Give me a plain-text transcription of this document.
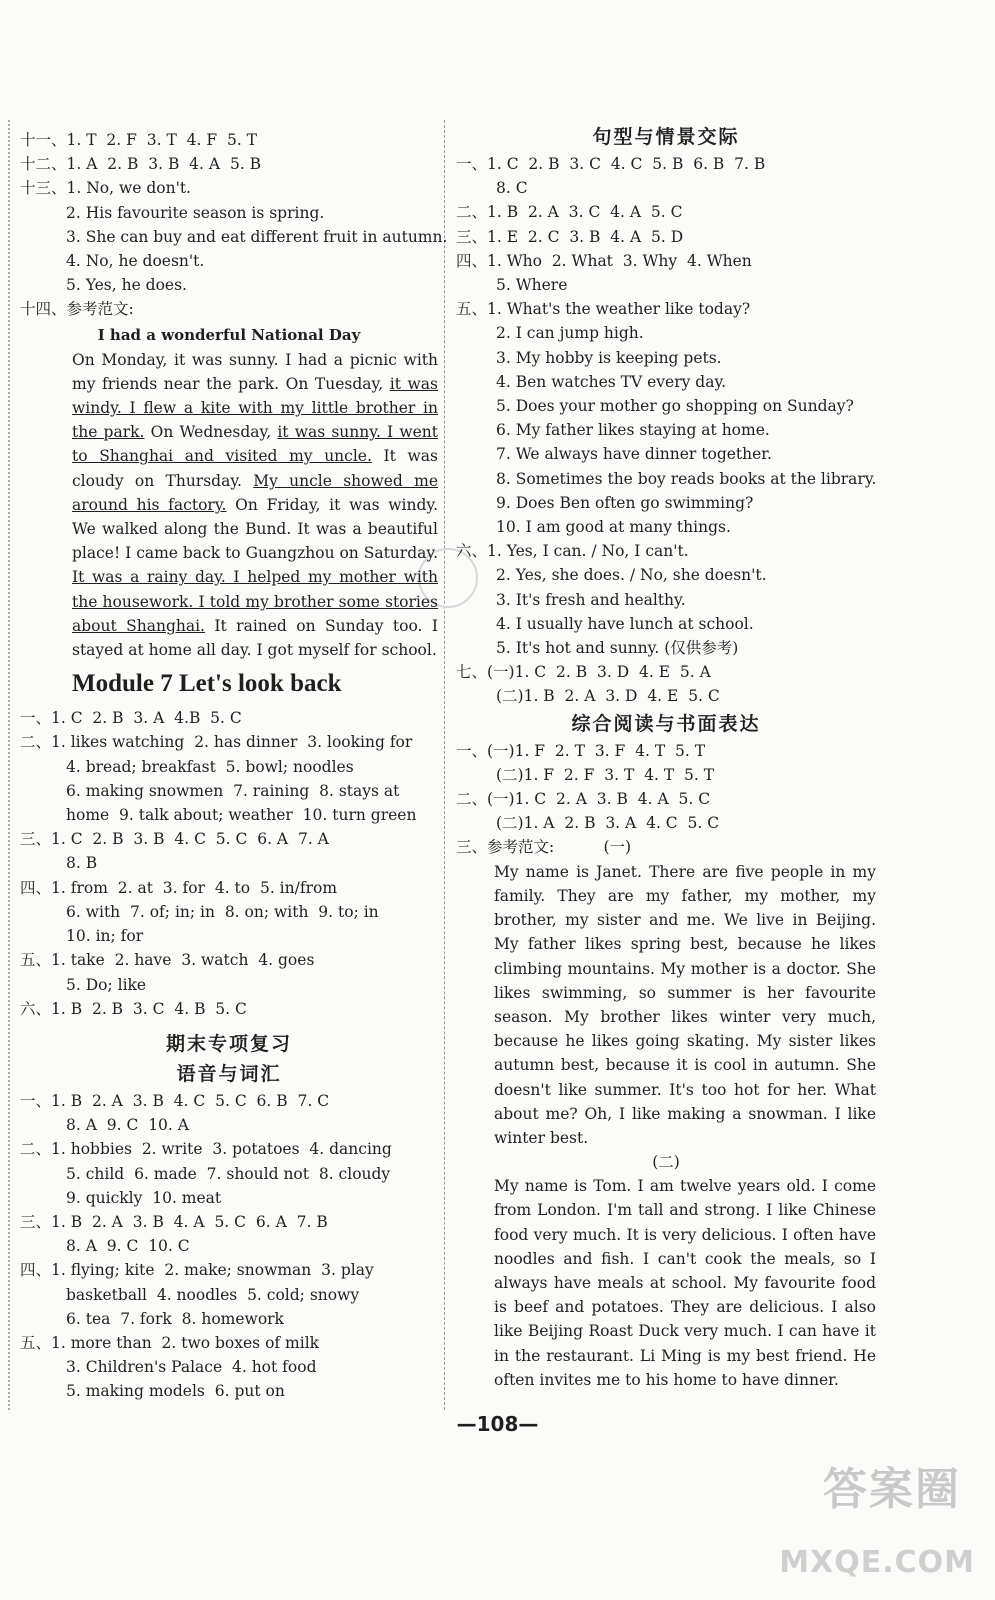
十一、1. T  2. F  3. T  4. F  5. T
十二、1. A  2. B  3. B  4. A  5. B
十三、1. No, we don't.
2. His favourite season is spring.
3. She can buy and eat different fruit in autumn.
4. No, he doesn't.
5. Yes, he does.
十四、参考范文:
I had a wonderful National Day
On Monday, it was sunny. I had a picnic with my friends near the park. On Tuesday, it was windy. I flew a kite with my little brother in the park. On Wednesday, it was sunny. I went to Shanghai and visited my uncle. It was cloudy on Thursday. My uncle showed me around his factory. On Friday, it was windy. We walked along the Bund. It was a beautiful place! I came back to Guangzhou on Saturday. It was a rainy day. I helped my mother with the housework. I told my brother some stories about Shanghai. It rained on Sunday too. I stayed at home all day. I got myself for school.
Module 7 Let's look back
一、1. C  2. B  3. A  4.B  5. C
二、1. likes watching  2. has dinner  3. looking for
4. bread; breakfast  5. bowl; noodles
6. making snowmen  7. raining  8. stays at
home  9. talk about; weather  10. turn green
三、1. C  2. B  3. B  4. C  5. C  6. A  7. A
8. B
四、1. from  2. at  3. for  4. to  5. in/from
6. with  7. of; in; in  8. on; with  9. to; in
10. in; for
五、1. take  2. have  3. watch  4. goes
5. Do; like
六、1. B  2. B  3. C  4. B  5. C
期末专项复习
语音与词汇
一、1. B  2. A  3. B  4. C  5. C  6. B  7. C
8. A  9. C  10. A
二、1. hobbies  2. write  3. potatoes  4. dancing
5. child  6. made  7. should not  8. cloudy
9. quickly  10. meat
三、1. B  2. A  3. B  4. A  5. C  6. A  7. B
8. A  9. C  10. C
四、1. flying; kite  2. make; snowman  3. play
basketball  4. noodles  5. cold; snowy
6. tea  7. fork  8. homework
五、1. more than  2. two boxes of milk
3. Children's Palace  4. hot food
5. making models  6. put on
句型与情景交际
一、1. C  2. B  3. C  4. C  5. B  6. B  7. B
8. C
二、1. B  2. A  3. C  4. A  5. C
三、1. E  2. C  3. B  4. A  5. D
四、1. Who  2. What  3. Why  4. When
5. Where
五、1. What's the weather like today?
2. I can jump high.
3. My hobby is keeping pets.
4. Ben watches TV every day.
5. Does your mother go shopping on Sunday?
6. My father likes staying at home.
7. We always have dinner together.
8. Sometimes the boy reads books at the library.
9. Does Ben often go swimming?
10. I am good at many things.
六、1. Yes, I can. / No, I can't.
2. Yes, she does. / No, she doesn't.
3. It's fresh and healthy.
4. I usually have lunch at school.
5. It's hot and sunny. (仅供参考)
七、(一)1. C  2. B  3. D  4. E  5. A
(二)1. B  2. A  3. D  4. E  5. C
综合阅读与书面表达
一、(一)1. F  2. T  3. F  4. T  5. T
(二)1. F  2. F  3. T  4. T  5. T
二、(一)1. C  2. A  3. B  4. A  5. C
(二)1. A  2. B  3. A  4. C  5. C
三、参考范文:          (一)
My name is Janet. There are five people in my family. They are my father, my mother, my brother, my sister and me. We live in Beijing. My father likes spring best, because he likes climbing mountains. My mother is a doctor. She likes swimming, so summer is her favourite season. My brother likes winter very much, because he likes going skating. My sister likes autumn best, because it is cool in autumn. She doesn't like summer. It's too hot for her. What about me? Oh, I like making a snowman. I like winter best.
(二)
My name is Tom. I am twelve years old. I come from London. I'm tall and strong. I like Chinese food very much. It is very delicious. I often have noodles and fish. I can't cook the meals, so I always have meals at school. My favourite food is beef and potatoes. They are delicious. I also like Beijing Roast Duck very much. I can have it in the restaurant. Li Ming is my best friend. He often invites me to his home to have dinner.
—108—
答案圈
MXQE.COM
